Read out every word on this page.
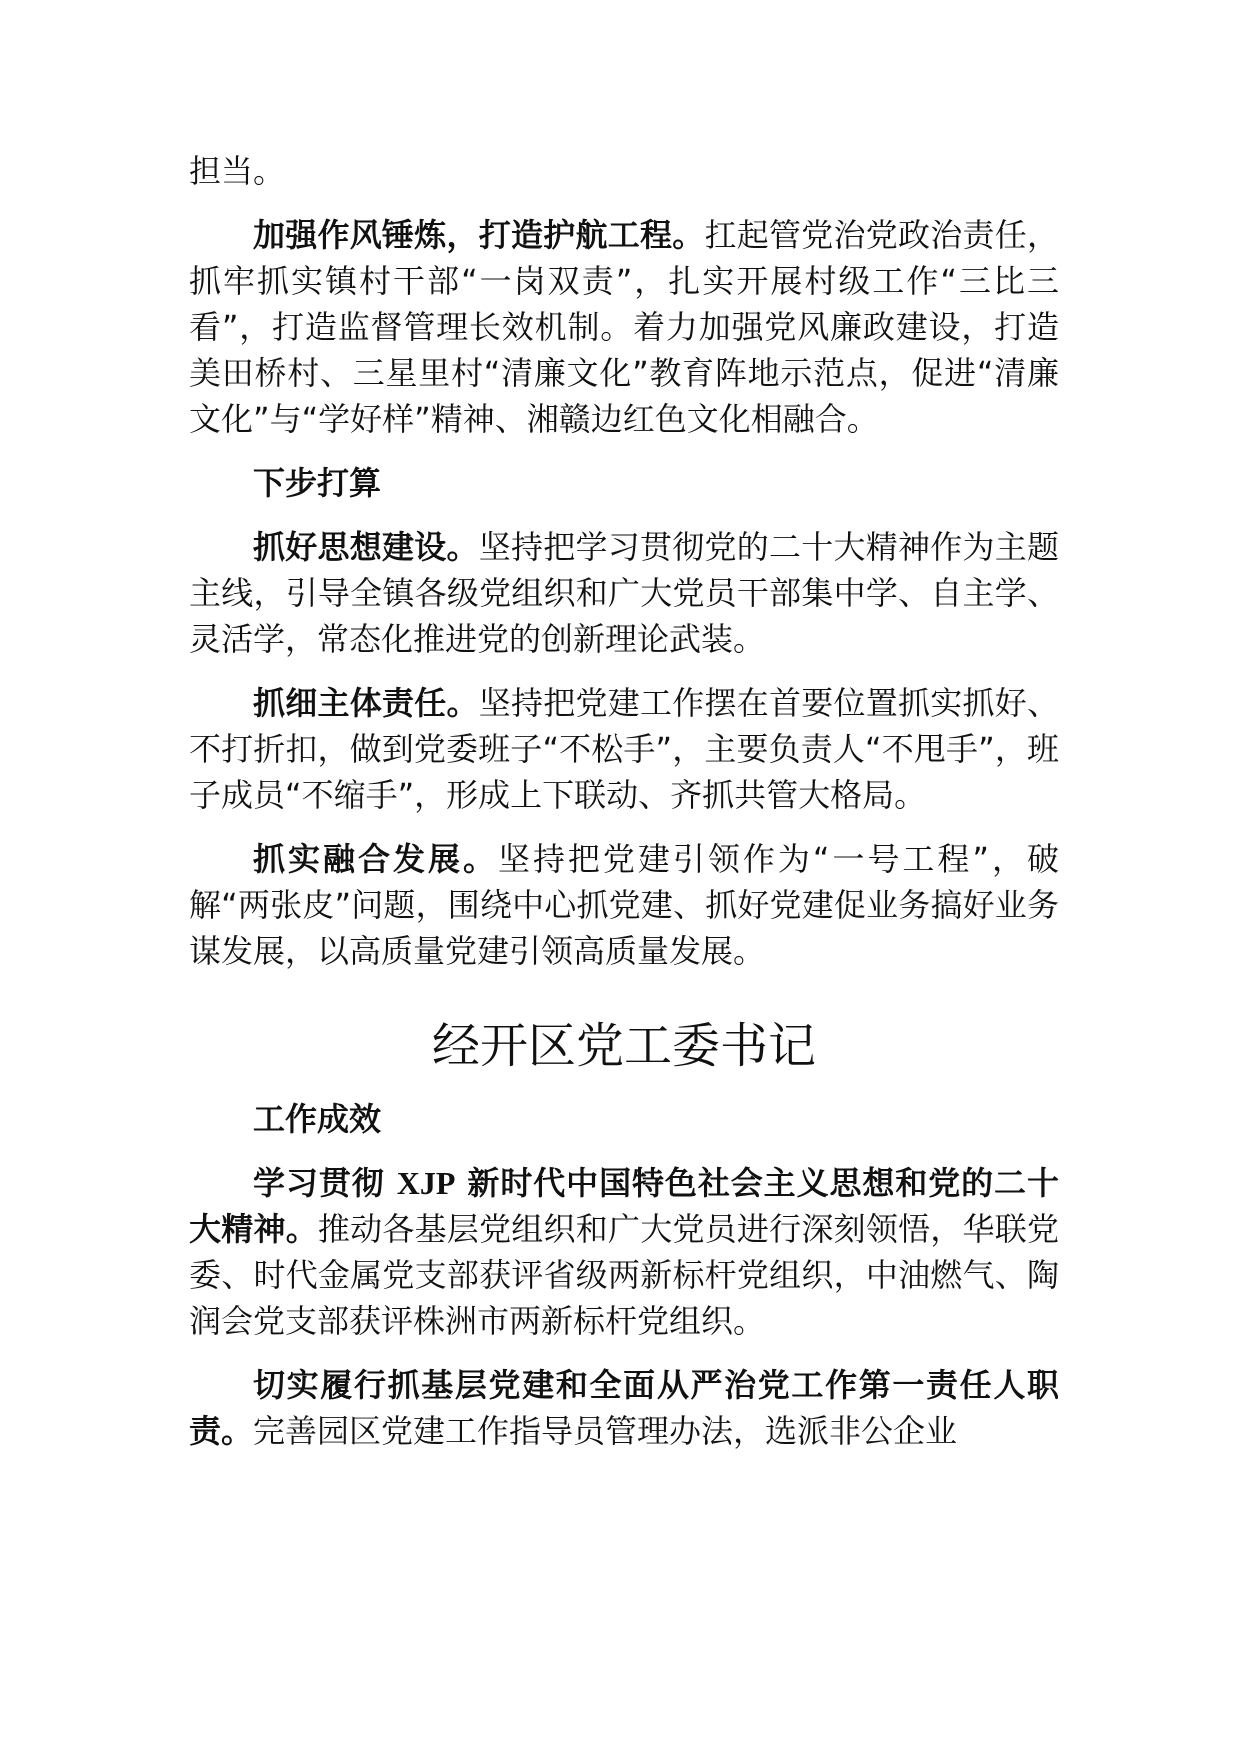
担当。

加强作风锤炼，打造护航工程。扛起管党治党政治责任，抓牢抓实镇村干部“一岗双责”，扎实开展村级工作“三比三看”，打造监督管理长效机制。着力加强党风廉政建设，打造美田桥村、三星里村“清廉文化”教育阵地示范点，促进“清廉文化”与“学好样”精神、湘赣边红色文化相融合。

下步打算

抓好思想建设。坚持把学习贯彻党的二十大精神作为主题主线，引导全镇各级党组织和广大党员干部集中学、自主学、灵活学，常态化推进党的创新理论武装。

抓细主体责任。坚持把党建工作摆在首要位置抓实抓好、不打折扣，做到党委班子“不松手”，主要负责人“不甩手”，班子成员“不缩手”，形成上下联动、齐抓共管大格局。

抓实融合发展。坚持把党建引领作为“一号工程”，破解“两张皮”问题，围绕中心抓党建、抓好党建促业务搞好业务谋发展，以高质量党建引领高质量发展。

经开区党工委书记

工作成效

学习贯彻 XJP 新时代中国特色社会主义思想和党的二十大精神。推动各基层党组织和广大党员进行深刻领悟，华联党委、时代金属党支部获评省级两新标杆党组织，中油燃气、陶润会党支部获评株洲市两新标杆党组织。

切实履行抓基层党建和全面从严治党工作第一责任人职责。完善园区党建工作指导员管理办法，选派非公企业
